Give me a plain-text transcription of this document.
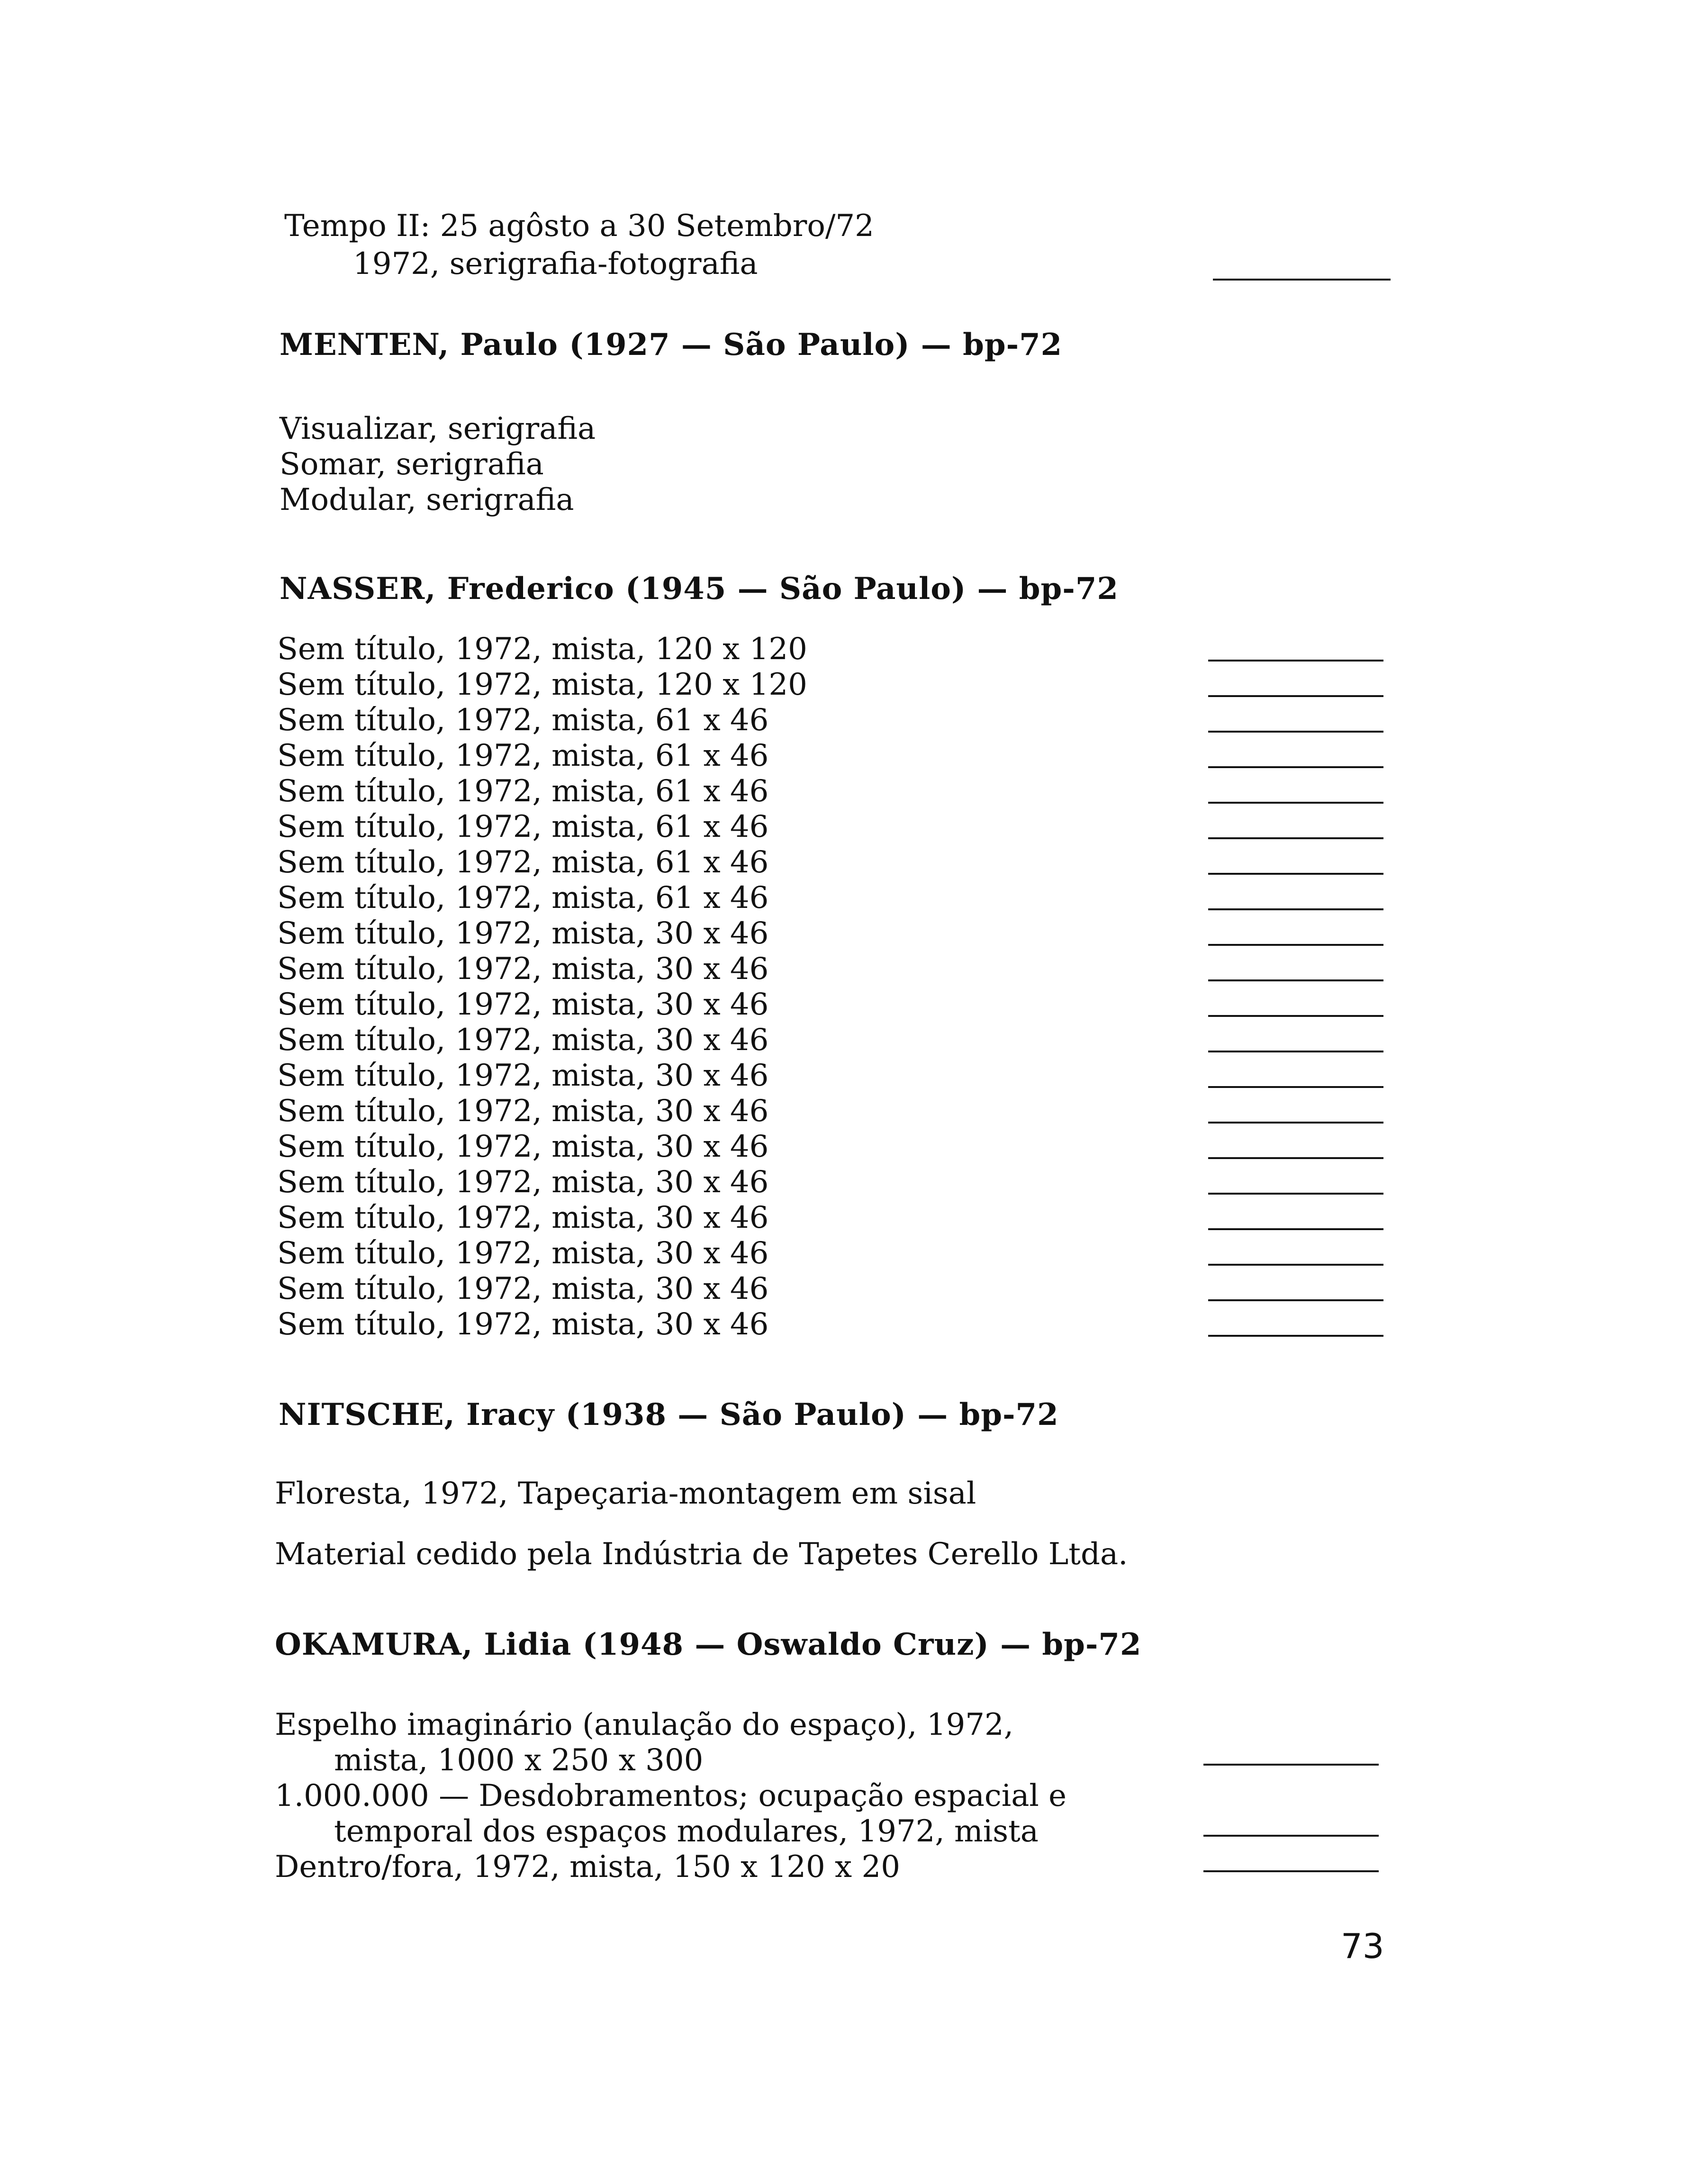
Tempo II: 25 agôsto a 30 Setembro/72
1972, serigrafia-fotografia
MENTEN, Paulo (1927 — São Paulo) — bp-72
Visualizar, serigrafia
Somar, serigrafia
Modular, serigrafia
NASSER, Frederico (1945 — São Paulo) — bp-72
Sem título, 1972, mista, 120 x 120
Sem título, 1972, mista, 120 x 120
Sem título, 1972, mista, 61 x 46
Sem título, 1972, mista, 61 x 46
Sem título, 1972, mista, 61 x 46
Sem título, 1972, mista, 61 x 46
Sem título, 1972, mista, 61 x 46
Sem título, 1972, mista, 61 x 46
Sem título, 1972, mista, 30 x 46
Sem título, 1972, mista, 30 x 46
Sem título, 1972, mista, 30 x 46
Sem título, 1972, mista, 30 x 46
Sem título, 1972, mista, 30 x 46
Sem título, 1972, mista, 30 x 46
Sem título, 1972, mista, 30 x 46
Sem título, 1972, mista, 30 x 46
Sem título, 1972, mista, 30 x 46
Sem título, 1972, mista, 30 x 46
Sem título, 1972, mista, 30 x 46
Sem título, 1972, mista, 30 x 46
NITSCHE, Iracy (1938 — São Paulo) — bp-72
Floresta, 1972, Tapeçaria-montagem em sisal
Material cedido pela Indústria de Tapetes Cerello Ltda.
OKAMURA, Lidia (1948 — Oswaldo Cruz) — bp-72
Espelho imaginário (anulação do espaço), 1972,
mista, 1000 x 250 x 300
1.000.000 — Desdobramentos; ocupação espacial e
temporal dos espaços modulares, 1972, mista
Dentro/fora, 1972, mista, 150 x 120 x 20
73
